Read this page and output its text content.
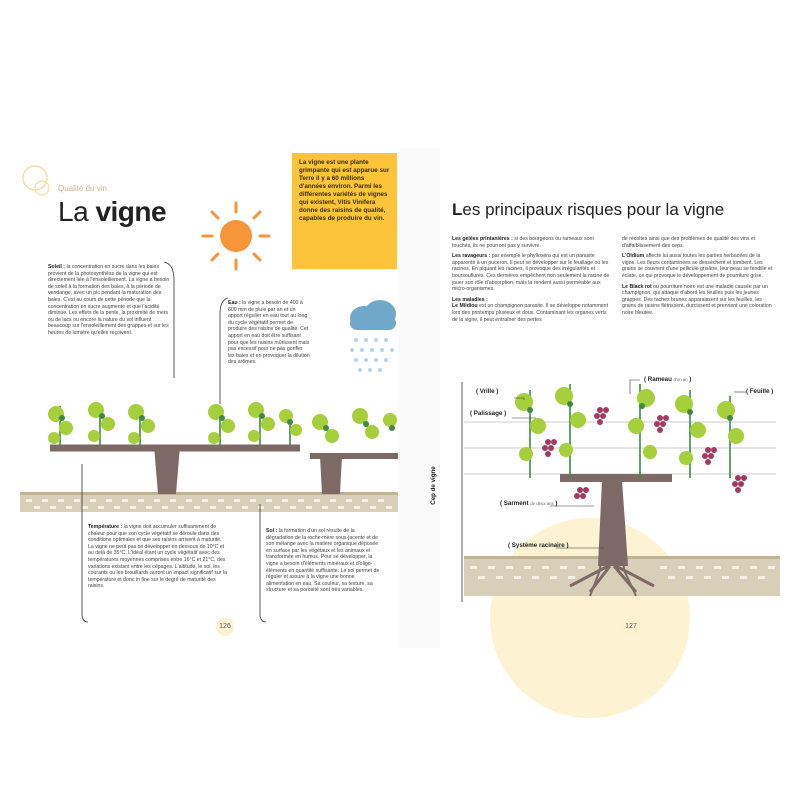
Qualité du vin
La vigne
La vigne est une plante grimpante qui est apparue sur Terre il y a 60 millions d'années environ. Parmi les différentes variétés de vignes qui existent, Vitis Vinifera donne des raisins de qualité, capables de produire du vin.
Soleil : la concentration en sucre dans les baies provient de la photosynthèse de la vigne qui est directement liée à l'ensoleillement. La vigne a besoin de soleil à la formation des baies, à la période de vendange, avec un pic pendant la maturation des baies. C'est au cours de cette période que la concentration en sucre augmente et que l'acidité diminue. Les effets de la pente, la proximité de mers ou de lacs ou encore la nature du sol influent beaucoup sur l'ensoleillement des grappes et sur les heures de lumière qu'elles reçoivent.
Eau : la vigne a besoin de 400 à 600 mm de pluie par an et un apport régulier en eau tout au long du cycle végétatif permet de produire des raisins de qualité. Cet apport en eau doit être suffisant pour que les raisins mûrissent mais pas excessif pour ne pas gonfler les baies et en provoquer la dilution des arômes.
Température : la vigne doit accumuler suffisamment de chaleur pour que son cycle végétatif se déroule dans des conditions optimales et que ses raisins arrivent à maturité. La vigne ne peut pas se développer en dessous de 10°C et au delà de 35°C. L'idéal étant un cycle végétatif avec des températures moyennes comprises entre 16°C et 21°C, des variations existant entre les cépages. L'altitude, le sol, les courants ou les brouillards auront un impact significatif sur la température et donc in fine sur le degré de maturité des raisins.
Sol : la formation d'un sol résulte de la dégradation de la roche-mère sous-jacente et de son mélange avec la matière organique déposée en surface par les végétaux et les animaux et transformée en humus. Pour se développer, la vigne a besoin d'éléments minéraux et d'oligo-éléments en quantité suffisante. Le sol permet de réguler et assure à la vigne une bonne alimentation en eau. Sa couleur, sa texture, sa structure et sa porosité sont très variables.
126
Les principaux risques pour la vigne
Les gelées printanières : si des bourgeons ou rameaux sont touchés, ils ne pourront pas y survivre.
Les ravageurs : par exemple le phylloxéra qui est un parasite apparenté à un puceron. Il peut se développer sur le feuillage ou les racines. En piquant les racines, il provoque des irrégularités et boursouflures. Ces dernières empêchent non seulement la racine de jouer son rôle d'absorption, mais la rendent aussi perméable aux micro-organismes.
Les maladies :
Le Mildiou est un champignon parasite. Il se développe notamment lors des printemps pluvieux et doux. Contaminant les organes verts de la vigne, il peut entraîner des pertes
de récoltes ainsi que des problèmes de qualité des vins et d'affaiblissement des ceps.
L'Oïdium affecte lui aussi toutes les parties herbacées de la vigne. Les fleurs contaminées se dessèchent et tombent. Les grains se couvrent d'une pellicule grisâtre, leur peau se fendille et éclate, ce qui provoque le développement de pourriture grise.
Le Black rot ou pourriture noire est une maladie causée par un champignon, qui attaque d'abord les feuilles puis les jeunes grappes. Des taches brunes apparaissent sur les feuilles, les grains de raisins flétrissent, durcissent et prennent une coloration noire bleutée.
( Vrille )
( Palissage )
( Rameau d'un an )
( Feuille )
( Sarment de deux ans )
( Système racinaire )
Cep de vigne
127
